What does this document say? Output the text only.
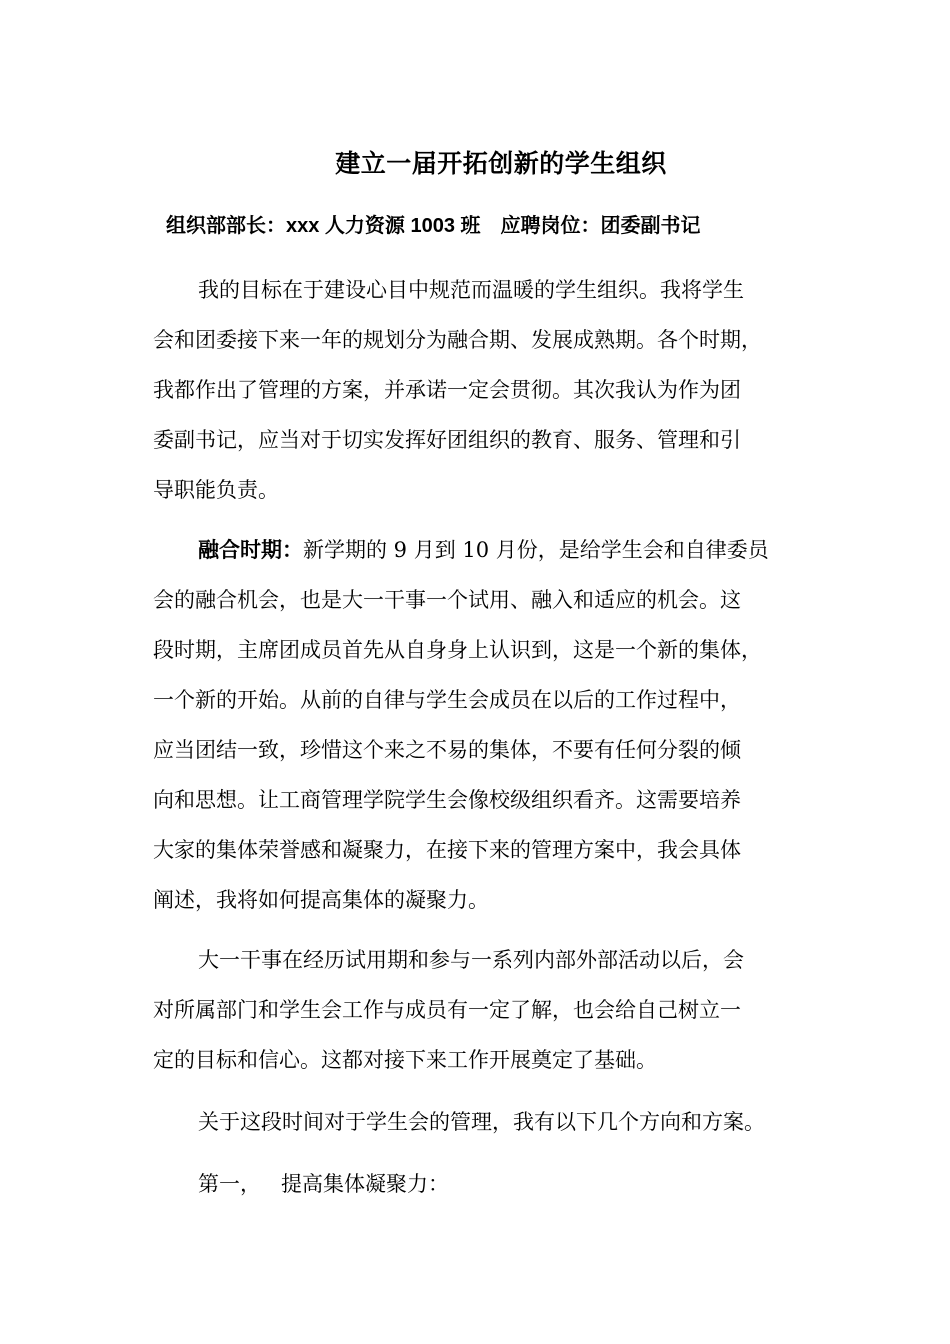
建立一届开拓创新的学生组织

组织部部长：xxx 人力资源 1003 班  应聘岗位：团委副书记

我的目标在于建设心目中规范而温暖的学生组织。我将学生
会和团委接下来一年的规划分为融合期、发展成熟期。各个时期，
我都作出了管理的方案，并承诺一定会贯彻。其次我认为作为团
委副书记，应当对于切实发挥好团组织的教育、服务、管理和引
导职能负责。
融合时期：新学期的 9 月到 10 月份，是给学生会和自律委员
会的融合机会，也是大一干事一个试用、融入和适应的机会。这
段时期，主席团成员首先从自身身上认识到，这是一个新的集体，
一个新的开始。从前的自律与学生会成员在以后的工作过程中，
应当团结一致，珍惜这个来之不易的集体，不要有任何分裂的倾
向和思想。让工商管理学院学生会像校级组织看齐。这需要培养
大家的集体荣誉感和凝聚力，在接下来的管理方案中，我会具体
阐述，我将如何提高集体的凝聚力。
大一干事在经历试用期和参与一系列内部外部活动以后，会
对所属部门和学生会工作与成员有一定了解，也会给自己树立一
定的目标和信心。这都对接下来工作开展奠定了基础。
关于这段时间对于学生会的管理，我有以下几个方向和方案。
第一，   提高集体凝聚力：
